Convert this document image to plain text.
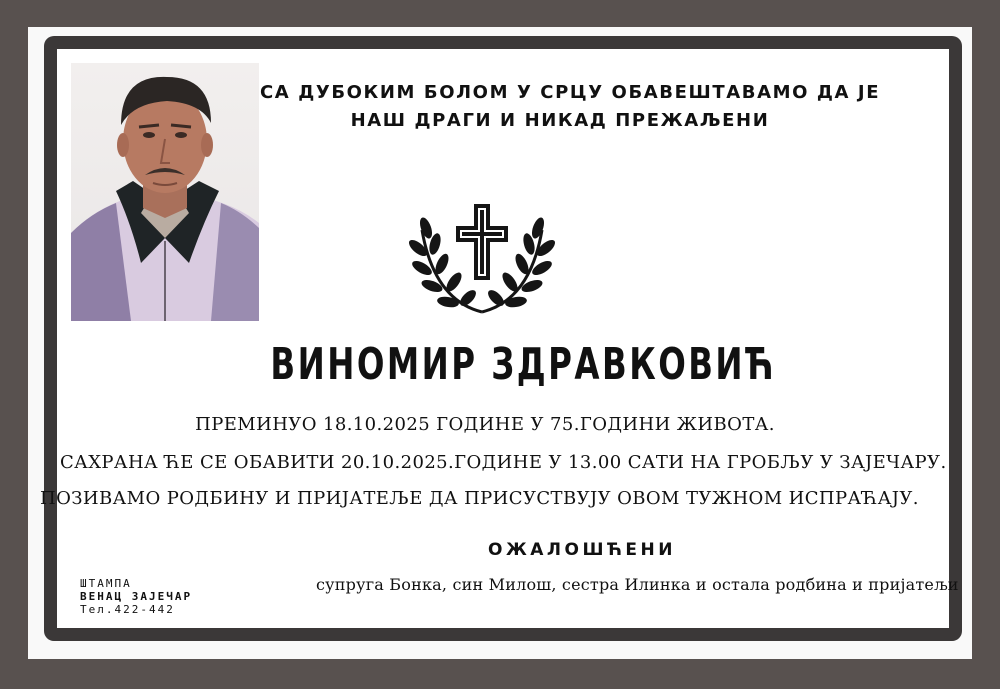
СА ДУБОКИМ БОЛОМ У СРЦУ ОБАВЕШТАВАМО ДА ЈЕ
НАШ ДРАГИ И НИКАД ПРЕЖАЉЕНИ
ВИНОМИР ЗДРАВКОВИЋ
ПРЕМИНУО 18.10.2025 ГОДИНЕ У 75.ГОДИНИ ЖИВОТА.
САХРАНА ЋЕ СЕ ОБАВИТИ 20.10.2025.ГОДИНЕ У 13.00 САТИ НА ГРОБЉУ У ЗАЈЕЧАРУ.
ПОЗИВАМО РОДБИНУ И ПРИЈАТЕЉЕ ДА ПРИСУСТВУЈУ ОВОМ ТУЖНОМ ИСПРАЋАЈУ.
ОЖАЛОШЋЕНИ
супруга Бонка, син Милош, сестра Илинка и остала родбина и пријатељи
ШТАМПА
ВЕНАЦ ЗАЈЕЧАР
Тел.422-442
